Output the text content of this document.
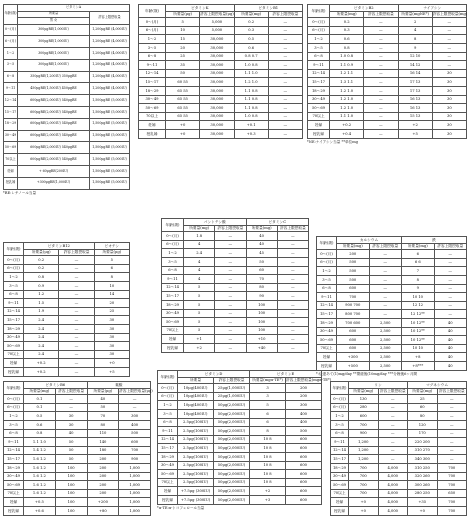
年齢(歳)	ビタミンA	
	所要量	許容上限摂取量
	男 女	
0〜(月)	300μgRE(1,000IU)	1,200μgRE (4,000IU)
6〜(月)	300μgRE(1,000IU)	1,200μgRE (4,000IU)
1〜2	300μgRE(1,000IU)	1,200μgRE (4,000IU)
3〜5	300μgRE(1,000IU)	1,200μgRE (4,000IU)
6〜8	350μgRE(1,200IU) 350μgRE	1,200μgRE (4,000IU)
9〜11	450μgRE(1,500IU) 450μgRE	1,200μgRE (4,000IU)
12〜14	600μgRE(2,000IU) 540μgRE	1,500μgRE (5,000IU)
15〜17	600μgRE(2,000IU) 540μgRE	1,500μgRE (5,000IU)
18〜29	600μgRE(2,000IU) 540μgRE	1,500μgRE (5,000IU)
30〜49	600μgRE(2,000IU) 540μgRE	1,500μgRE (5,000IU)
50〜69	600μgRE(2,000IU) 540μgRE	1,500μgRE (5,000IU)
70以上	600μgRE(2,000IU) 540μgRE	1,500μgRE (5,000IU)
妊婦	+ 60μgRE(200IU)	1,500μgRE (5,000IU)
授乳婦	+300μgRE(1,000IU)	1,500μgRE (5,000IU)
*RE:レチノール当量
年齢(歳)	ビタミンK		ビタミンB1	
	所要量(μg)	許容上限摂取量(μg)	所要量(mg)	許容上限摂取量
0〜(月)	5	5,000	0.2	—
6〜(月)	10	5,000	0.3	—
1〜2	15	30,000	0.5	—
3〜5	20	30,000	0.6	—
6〜8	25	30,000	0.8 0.7	—
9〜11	35	30,000	1.0 0.8	—
12〜14	50	30,000	1.1 1.0	—
15〜17	60 55	30,000	1.2 1.0	—
18〜29	65 55	30,000	1.1 0.8	—
30〜49	65 55	30,000	1.1 0.8	—
50〜69	65 55	30,000	1.1 0.8	—
70以上	65 55	30,000	1.0 0.8	—
妊婦	+0	30,000	+0.1	—
授乳婦	+0	30,000	+0.3	—
年齢(歳)	ビタミンB2		ナイアシン	
	所要量(mg)	許容上限摂取量	所要量(mgNE*)	許容上限摂取量(mg)
0〜(月)	0.2	—	2	—
6〜(月)	0.3	—	4	—
1〜2	0.6	—	8	—
3〜5	0.8	—	9	—
6〜8	1.0 0.8	—	12 10	—
9〜11	1.1 0.9	—	14 12	—
12〜14	1.2 1.1	—	16 14	30
15〜17	1.3 1.1	—	17 13	30
18〜29	1.2 1.0	—	17 13	30
30〜49	1.2 1.0	—	16 13	30
50〜69	1.2 1.0	—	16 13	30
70以上	1.1 1.0	—	15 13	30
妊婦	+0.2	—	+2	30
授乳婦	+0.4	—	+5	30
*NE:ナイアシン当量 **単位mg
年齢(歳)	ビタミンB12		ビオチン
	所要量(μg)	許容上限摂取量	所要量(μg)
0〜(月)	0.2	—	5
6〜(月)	0.2	—	6
1〜2	0.8	—	8
3〜5	0.9	—	10
6〜8	1.2	—	14
9〜11	1.5	—	20
12〜14	1.9	—	25
15〜17	2.4	—	30
18〜29	2.4	—	30
30〜49	2.4	—	30
50〜69	2.4	—	30
70以上	2.4	—	30
妊婦	+0.2	—	+0
授乳婦	+0.2	—	+5
年齢(歳)	パントテン酸		ビタミンC	
	所要量(mg)	許容上限摂取量	所要量(mg)	許容上限摂取量
0〜(月)	1.8	—	40	—
6〜(月)	4	—	40	—
1〜2	2.4	—	45	—
3〜5	4	—	50	—
6〜8	4	—	60	—
9〜11	4	—	70	—
12〜14	5	—	80	—
15〜17	5	—	90	—
18〜29	5	—	100	—
30〜49	5	—	100	—
50〜69	5	—	100	—
70以上	5	—	100	—
妊婦	+1	—	+10	—
授乳婦	+2	—	+40	—
年齢(歳)	カルシウム		鉄	
	所要量(mg)	許容上限摂取量	所要量(mg)	許容上限摂取量
0〜(月)	200	—	6	—
6〜(月)	500	—	6 6	—
1〜2	500	—	7	—
3〜5	500	—	8	—
6〜8	600	—	9	—
9〜11	700	—	10 10	—
12〜14	900 700	—	12 12	—
15〜17	800 700	—	12 12**	—
18〜29	700 600	2,500	10 12**	40
30〜49	600	2,500	10 12**	40
50〜69	600	2,500	10 12**	40
70以上	600	2,500	10 10	40
妊婦	+300	2,500	+8	40
授乳婦	+500	2,500	+8***	40
*:伝達あて(1)mg/day **閉経後(10mg/day ***分娩後6ヶ月間
年齢(歳)	ビタミンB6		葉酸	
	所要量(mg)	許容上限摂取量	所要量(μg)	許容上限摂取量(μg)
0〜(月)	0.1	—	40	—
6〜(月)	0.1	—	50	—
1〜2	0.5	30	70	300
3〜5	0.6	30	80	400
6〜8	0.8	40	110	500
9〜11	1.1 1.0	50	140	600
12〜14	1.4 1.2	50	180	700
15〜17	1.6 1.2	50	200	900
18〜29	1.6 1.2	100	200	1,000
30〜49	1.6 1.2	100	200	1,000
50〜69	1.6 1.2	100	200	1,000
70以上	1.6 1.2	100	200	1,000
妊婦	+0.5	100	+200	1,000
授乳婦	+0.6	100	+80	1,000
年齢(歳)	ビタミンD		ビタミンE	
	所要量	許容上限摂取量	所要量(mgα-TE*)	許容上限摂取量(mgα-TE*)
0〜(月)	10μg(400IU)	25μg(1,000IU)	3	200
6〜(月)	10μg(400IU)	25μg(1,000IU)	3	200
1〜2	10μg(400IU)	50μg(2,000IU)	5	300
3〜5	10μg(400IU)	50μg(2,000IU)	6	400
6〜8	2.5μg(100IU)	50μg(2,000IU)	6	400
9〜11	2.5μg(100IU)	50μg(2,000IU)	8	500
12〜14	2.5μg(100IU)	50μg(2,000IU)	10 8	600
15〜17	2.5μg(100IU)	50μg(2,000IU)	10 8	600
18〜29	2.5μg(100IU)	50μg(2,000IU)	10 8	600
30〜49	2.5μg(100IU)	50μg(2,000IU)	10 8	600
50〜69	2.5μg(100IU)	50μg(2,000IU)	10 8	600
70以上	2.5μg(100IU)	50μg(2,000IU)	10 8	600
妊婦	+7.5μg (300IU)	50μg(2,000IU)	+2	600
授乳婦	+7.5μg (300IU)	50μg(2,000IU)	+3	600
*α-TE:α-トコフェロール当量
年齢(歳)	リン		マグネシウム	
	所要量(mg)	許容上限摂取量	所要量(mg)	許容上限摂取量
0〜(月)	130	—	25	—
6〜(月)	280	—	60	—
1〜2	600	—	80	—
3〜5	700	—	120	—
6〜8	900	—	170	—
9〜11	1,200	—	220 200	—
12〜14	1,200	—	310 270	—
15〜17	1,200	—	340 300	—
18〜29	700	4,000	310 250	700
30〜49	700	4,000	320 260	700
50〜69	700	4,000	300 260	700
70以上	700	4,000	280 250	650
妊婦	+0	4,000	+35	700
授乳婦	+0	4,000	+0	700
